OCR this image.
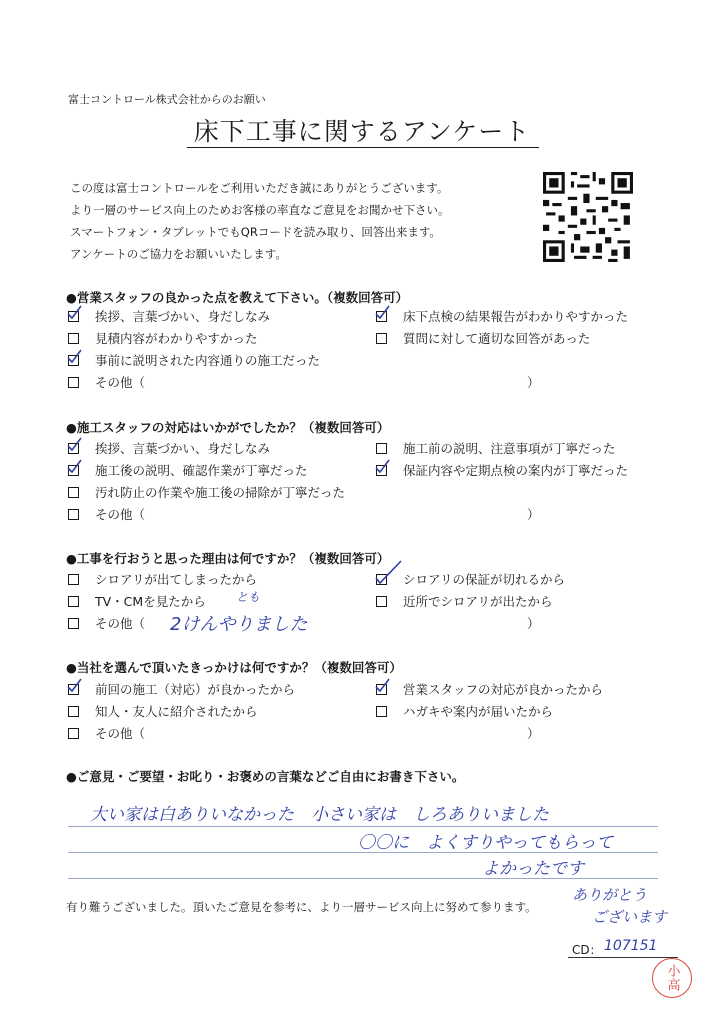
富士コントロール株式会社からのお願い
床下工事に関するアンケート
この度は富士コントロールをご利用いただき誠にありがとうございます。
より一層のサービス向上のためお客様の率直なご意見をお聞かせ下さい。
スマートフォン・タブレットでもQRコードを読み取り、回答出来ます。
アンケートのご協力をお願いいたします。
●営業スタッフの良かった点を教えて下さい。（複数回答可）
挨拶、言葉づかい、身だしなみ
見積内容がわかりやすかった
事前に説明された内容通りの施工だった
その他（	）
床下点検の結果報告がわかりやすかった
質問に対して適切な回答があった
●施工スタッフの対応はいかがでしたか？（複数回答可）
挨拶、言葉づかい、身だしなみ
施工後の説明、確認作業が丁寧だった
汚れ防止の作業や施工後の掃除が丁寧だった
その他（	）
施工前の説明、注意事項が丁寧だった
保証内容や定期点検の案内が丁寧だった
●工事を行おうと思った理由は何ですか？（複数回答可）
シロアリが出てしまったから
TV・CMを見たから
その他（	）
とも
2けんやりました
シロアリの保証が切れるから
近所でシロアリが出たから
●当社を選んで頂いたきっかけは何ですか？（複数回答可）
前回の施工（対応）が良かったから
知人・友人に紹介されたから
その他（	）
営業スタッフの対応が良かったから
ハガキや案内が届いたから
●ご意見・ご要望・お叱り・お褒めの言葉などご自由にお書き下さい。
大い家は白ありいなかった　小さい家は　しろありいました
〇〇に　よくすりやってもらって
よかったです
有り難うございました。頂いたご意見を参考に、より一層サービス向上に努めて参ります。
ありがとう
ございます
CD： 107151
小高
